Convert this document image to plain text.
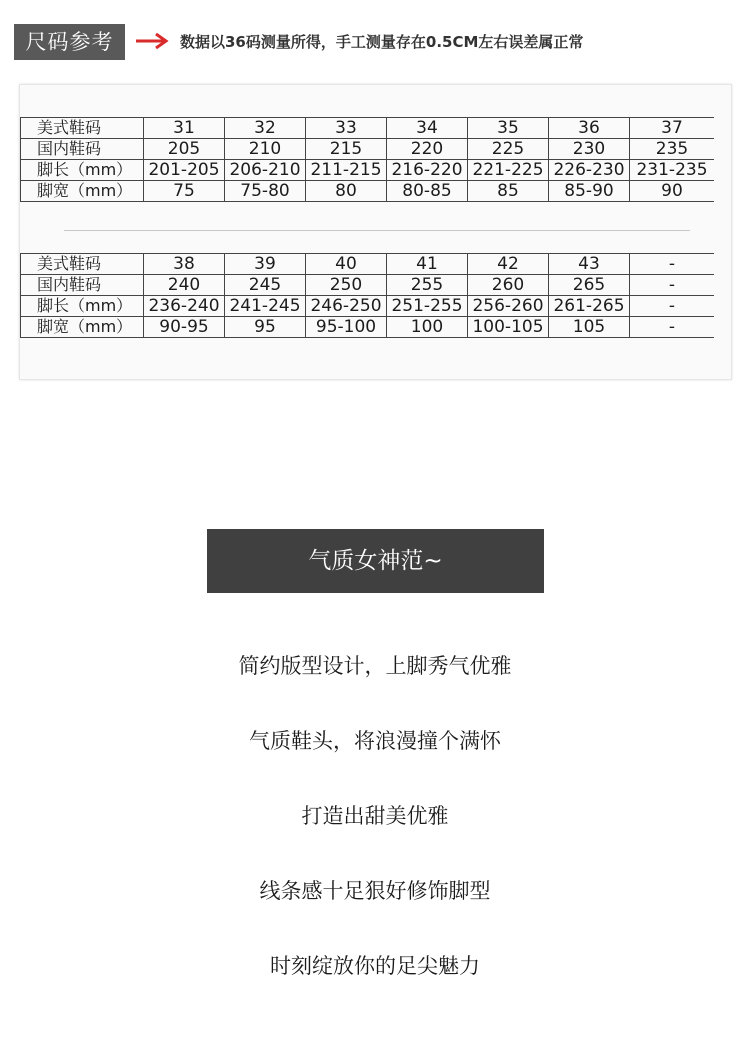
尺码参考	数据以36码测量所得，手工测量存在0.5CM左右误差属正常
美式鞋码	31	32	33	34	35	36	37
国内鞋码	205	210	215	220	225	230	235
脚长（mm）	201-205	206-210	211-215	216-220	221-225	226-230	231-235
脚宽（mm）	75	75-80	80	80-85	85	85-90	90
美式鞋码	38	39	40	41	42	43	-
国内鞋码	240	245	250	255	260	265	-
脚长（mm）	236-240	241-245	246-250	251-255	256-260	261-265	-
脚宽（mm）	90-95	95	95-100	100	100-105	105	-
气质女神范~
简约版型设计，上脚秀气优雅
气质鞋头，将浪漫撞个满怀
打造出甜美优雅
线条感十足狠好修饰脚型
时刻绽放你的足尖魅力
